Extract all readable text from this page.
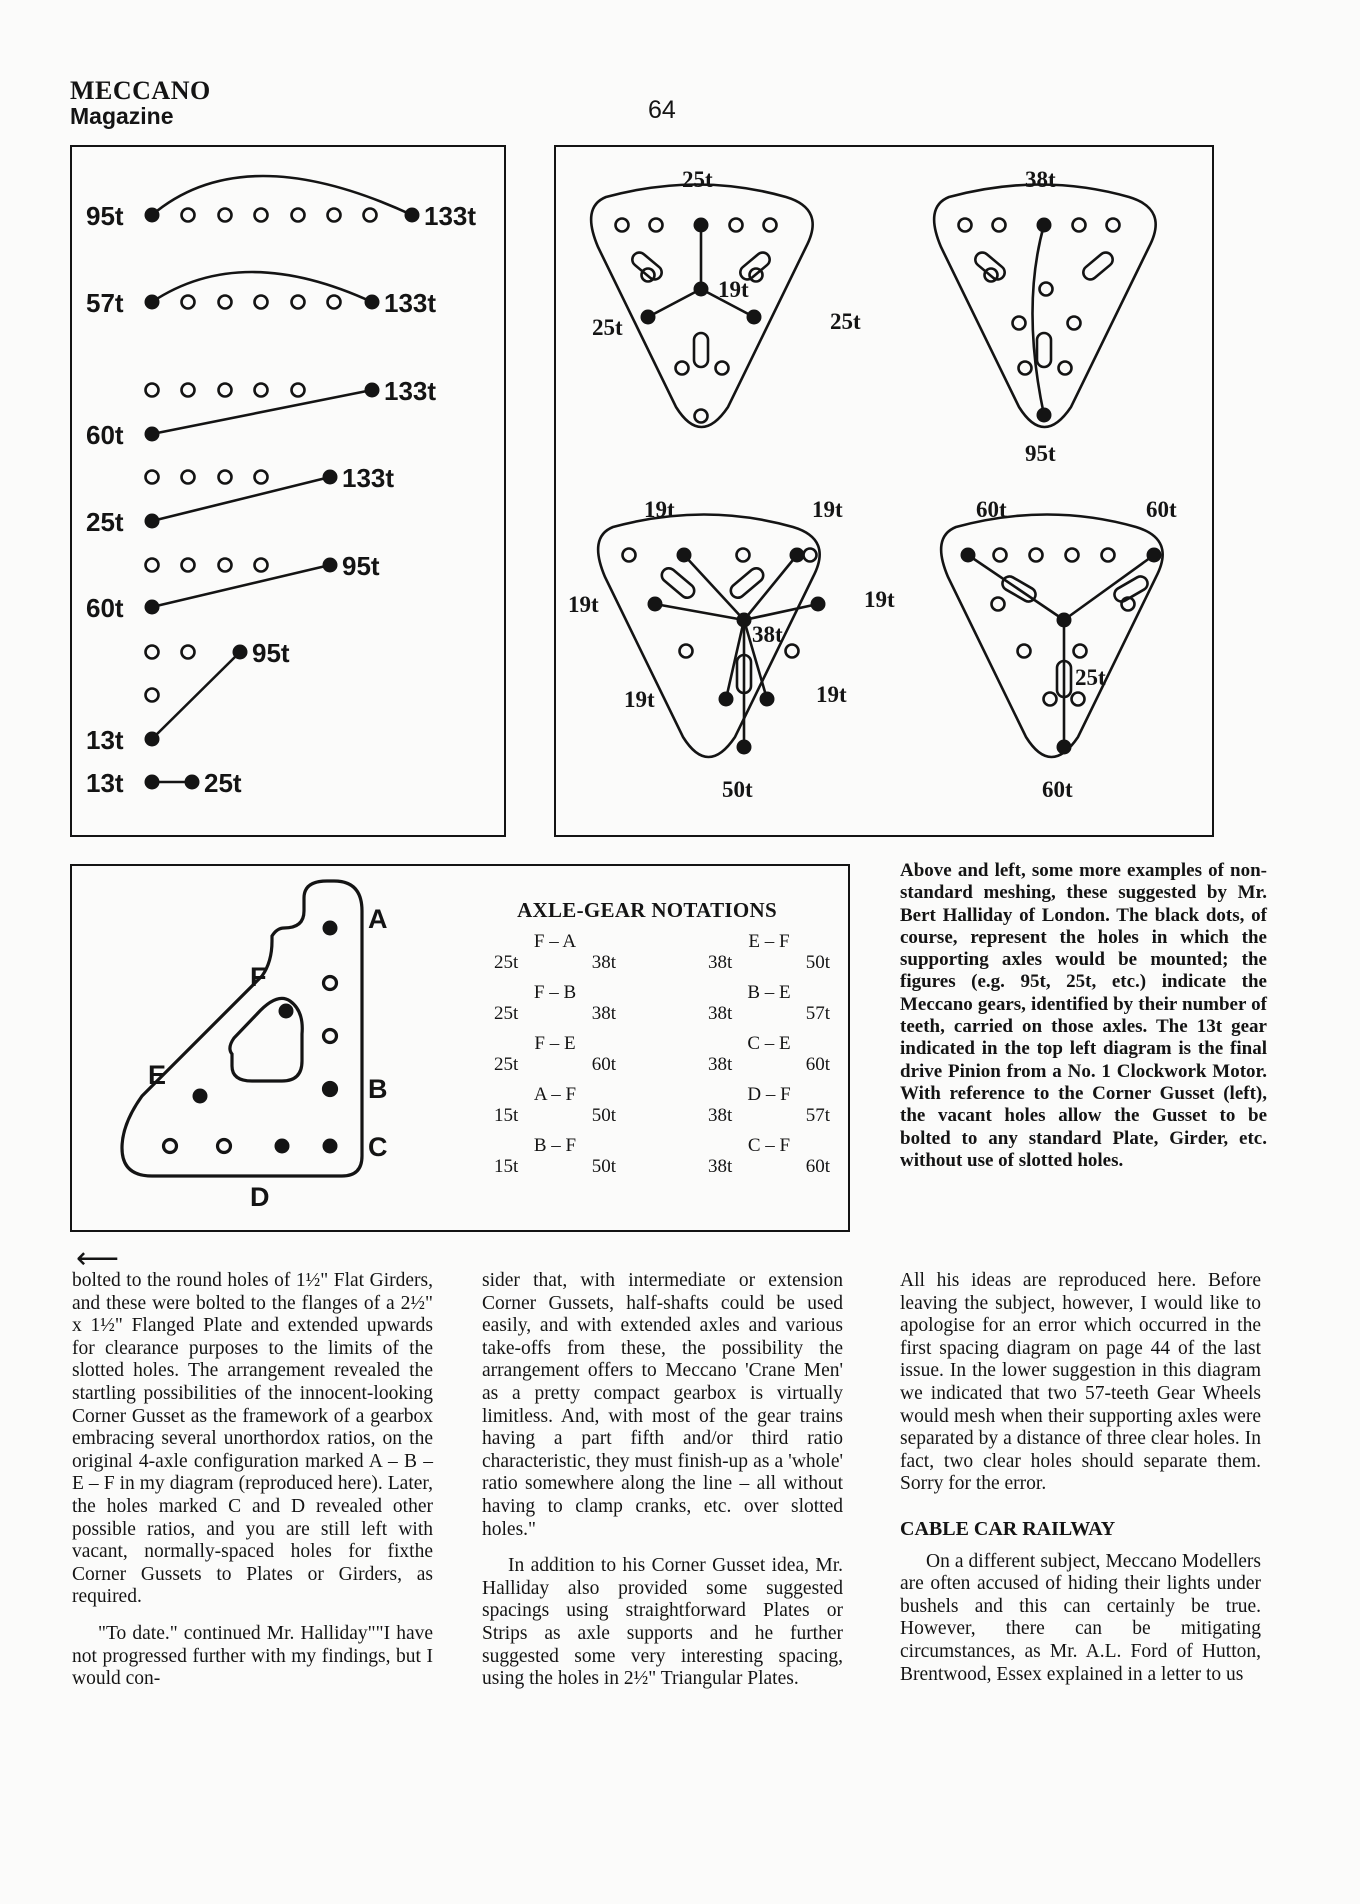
MECCANO
Magazine	64
95t	133t
57t	133t
60t
133t
25t
133t
60t
95t
13t
95t
13t	25t
25t
19t
25t	25t
38t
95t
19t	19t
19t	19t
38t
19t	19t
50t
60t	60t
25t
60t
A
B
C
D
E
F
AXLE-GEAR NOTATIONS
F – A
25t	38t
F – B
25t	38t
F – E
25t	60t
A – F
15t	50t
B – F
15t	50t
E – F
38t	50t
B – E
38t	57t
C – E
38t	60t
D – F
38t	57t
C – F
38t	60t
Above and left, some more examples of non-standard meshing, these suggested by Mr. Bert Halliday of London. The black dots, of course, represent the holes in which the supporting axles would be mounted; the figures (e.g. 95t, 25t, etc.) indicate the Meccano gears, identified by their number of teeth, carried on those axles. The 13t gear indicated in the top left diagram is the final drive Pinion from a No. 1 Clockwork Motor. With reference to the Corner Gusset (left), the vacant holes allow the Gusset to be bolted to any standard Plate, Girder, etc. without use of slotted holes.
⟵

bolted to the round holes of 1½" Flat Girders, and these were bolted to the flanges of a 2½" x 1½" Flanged Plate and extended upwards for clearance purposes to the limits of the slotted holes. The arrangement revealed the startling possibilities of the innocent-looking Corner Gusset as the framework of a gearbox embracing several unorthordox ratios, on the original 4-axle configuration marked A – B – E – F in my diagram (reproduced here). Later, the holes marked C and D revealed other possible ratios, and you are still left with vacant, normally-spaced holes for fixthe Corner Gussets to Plates or Girders, as required.

"To date." continued Mr. Halliday""I have not progressed further with my findings, but I would con-

sider that, with intermediate or extension Corner Gussets, half-shafts could be used easily, and with extended axles and various take-offs from these, the possibility the arrangement offers to Meccano 'Crane Men' as a pretty compact gearbox is virtually limitless. And, with most of the gear trains having a part fifth and/or third ratio characteristic, they must finish-up as a 'whole' ratio somewhere along the line – all without having to clamp cranks, etc. over slotted holes."

In addition to his Corner Gusset idea, Mr. Halliday also provided some suggested spacings using straightforward Plates or Strips as axle supports and he further suggested some very interesting spacing, using the holes in 2½" Triangular Plates.

All his ideas are reproduced here. Before leaving the subject, however, I would like to apologise for an error which occurred in the first spacing diagram on page 44 of the last issue. In the lower suggestion in this diagram we indicated that two 57-teeth Gear Wheels would mesh when their supporting axles were separated by a distance of three clear holes. In fact, two clear holes should separate them. Sorry for the error.

CABLE CAR RAILWAY

On a different subject, Meccano Modellers are often accused of hiding their lights under bushels and this can certainly be true. However, there can be mitigating circumstances, as Mr. A.L. Ford of Hutton, Brentwood, Essex explained in a letter to us
